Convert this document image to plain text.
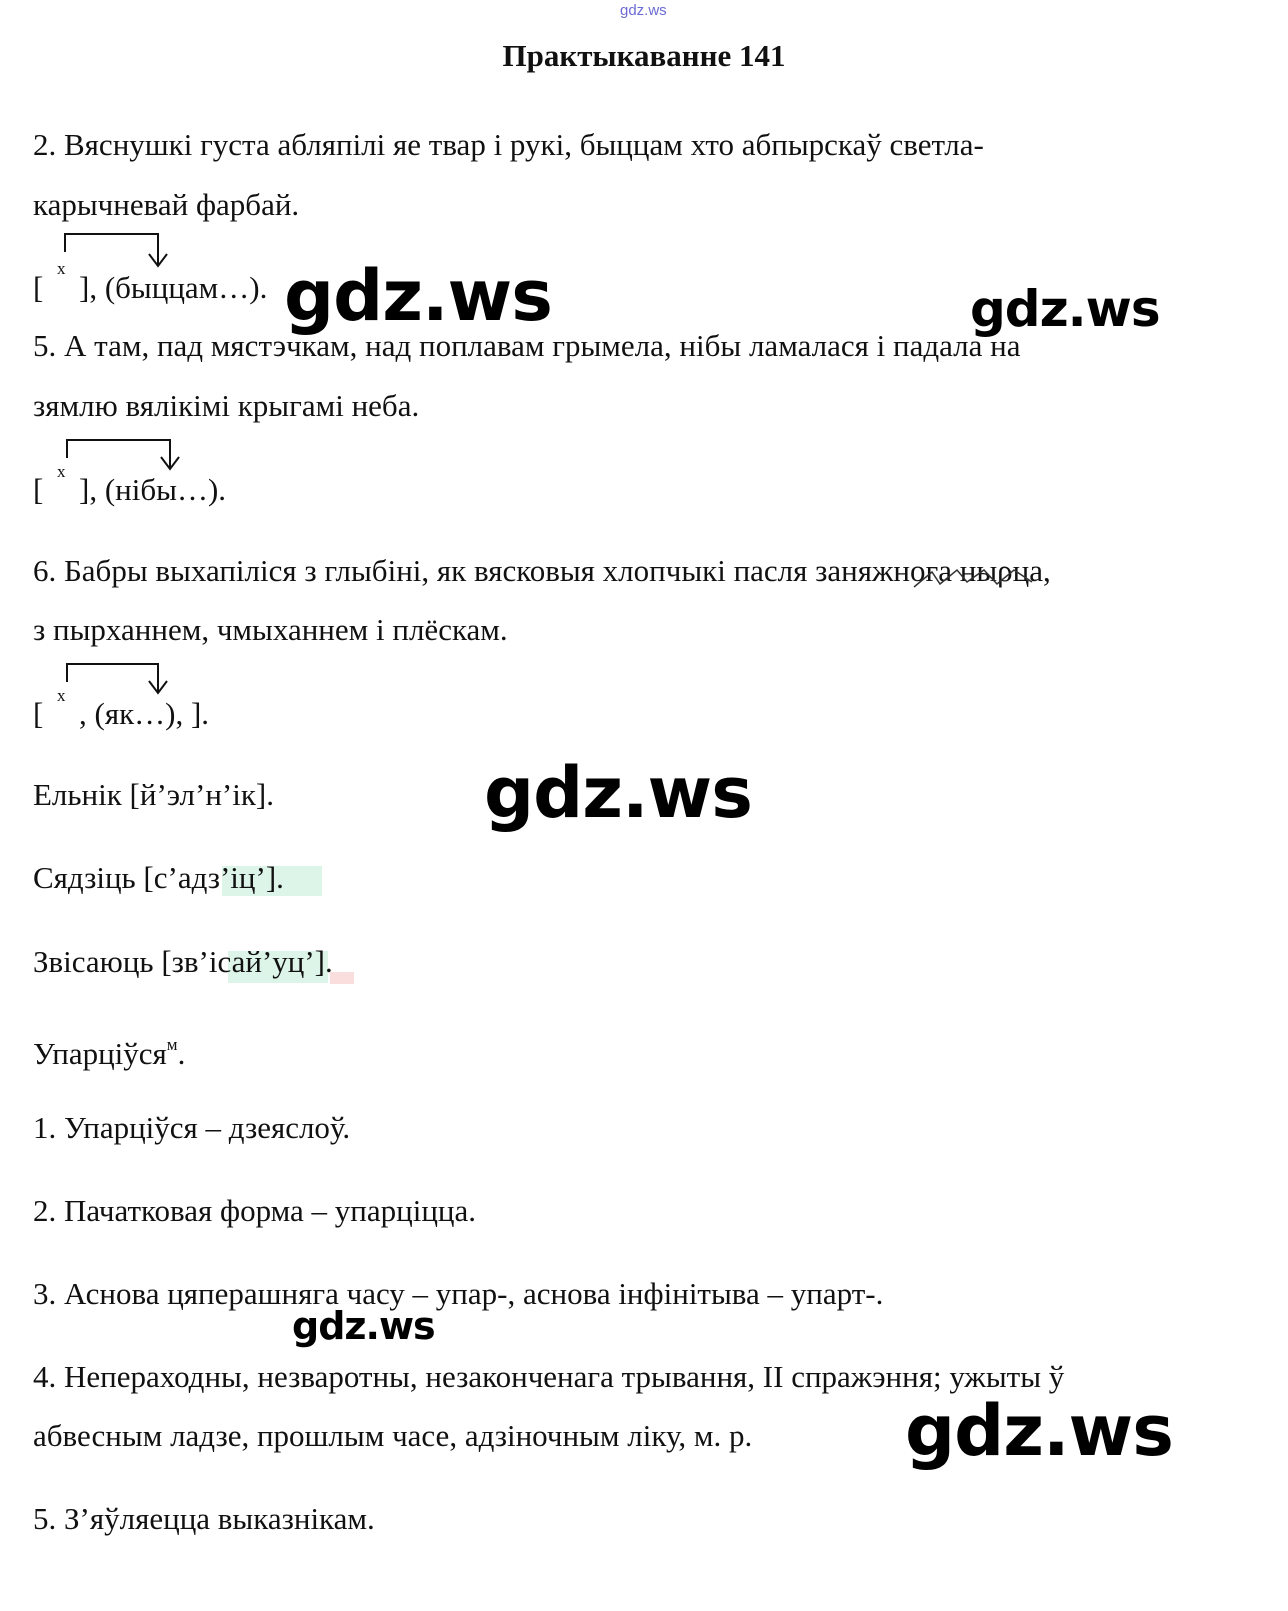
gdz.ws
Практыкаванне 141
2. Вяснушкі густа абляпілі яе твар і рукі, быццам хто абпырскаў светла-
карычневай фарбай.
[
x
], (быццам…).
5. А там, пад мястэчкам, над поплавам грымела, нібы ламалася і падала на
зямлю вялікімі крыгамі неба.
[
x
], (нібы…).
6. Бабры выхапіліся з глыбіні, як вясковыя хлопчыкі пасля заняжнога ныρца,
з пырханнем, чмыханнем і плёскам.
[
x
, (як…), ].
Ельнік [й’эл’н’ік].
Сядзіць [с’адз’іц’].
Звісаюць [зв’ісай’уц’].
Упарціўся$^м$.
1. Упарціўся – дзеяслоў.
2. Пачатковая форма – упарціцца.
3. Аснова цяперашняга часу – упар-, аснова інфінітыва – упарт-.
4. Непераходны, незваротны, незаконченага трывання, II спражэння; ужыты ў
абвесным ладзе, прошлым часе, адзіночным ліку, м. р.
5. З’яўляецца выказнікам.
gdz.ws	gdz.ws
gdz.ws
gdz.ws
gdz.ws
